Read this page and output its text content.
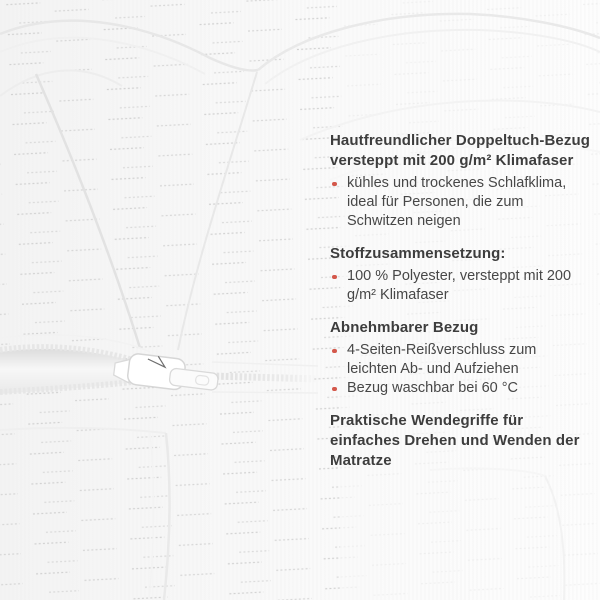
Hautfreundlicher Doppeltuch-Bezug versteppt mit 200 g/m² Klimafaser
kühles und trockenes Schlafklima, ideal für Personen, die zum Schwitzen neigen
Stoffzusammensetzung:
100 % Polyester, versteppt mit 200 g/m² Klimafaser
Abnehmbarer Bezug
4-Seiten-Reißverschluss zum leichten Ab- und Aufziehen
Bezug waschbar bei 60 °C
Praktische Wendegriffe für einfaches Drehen und Wenden der Matratze
